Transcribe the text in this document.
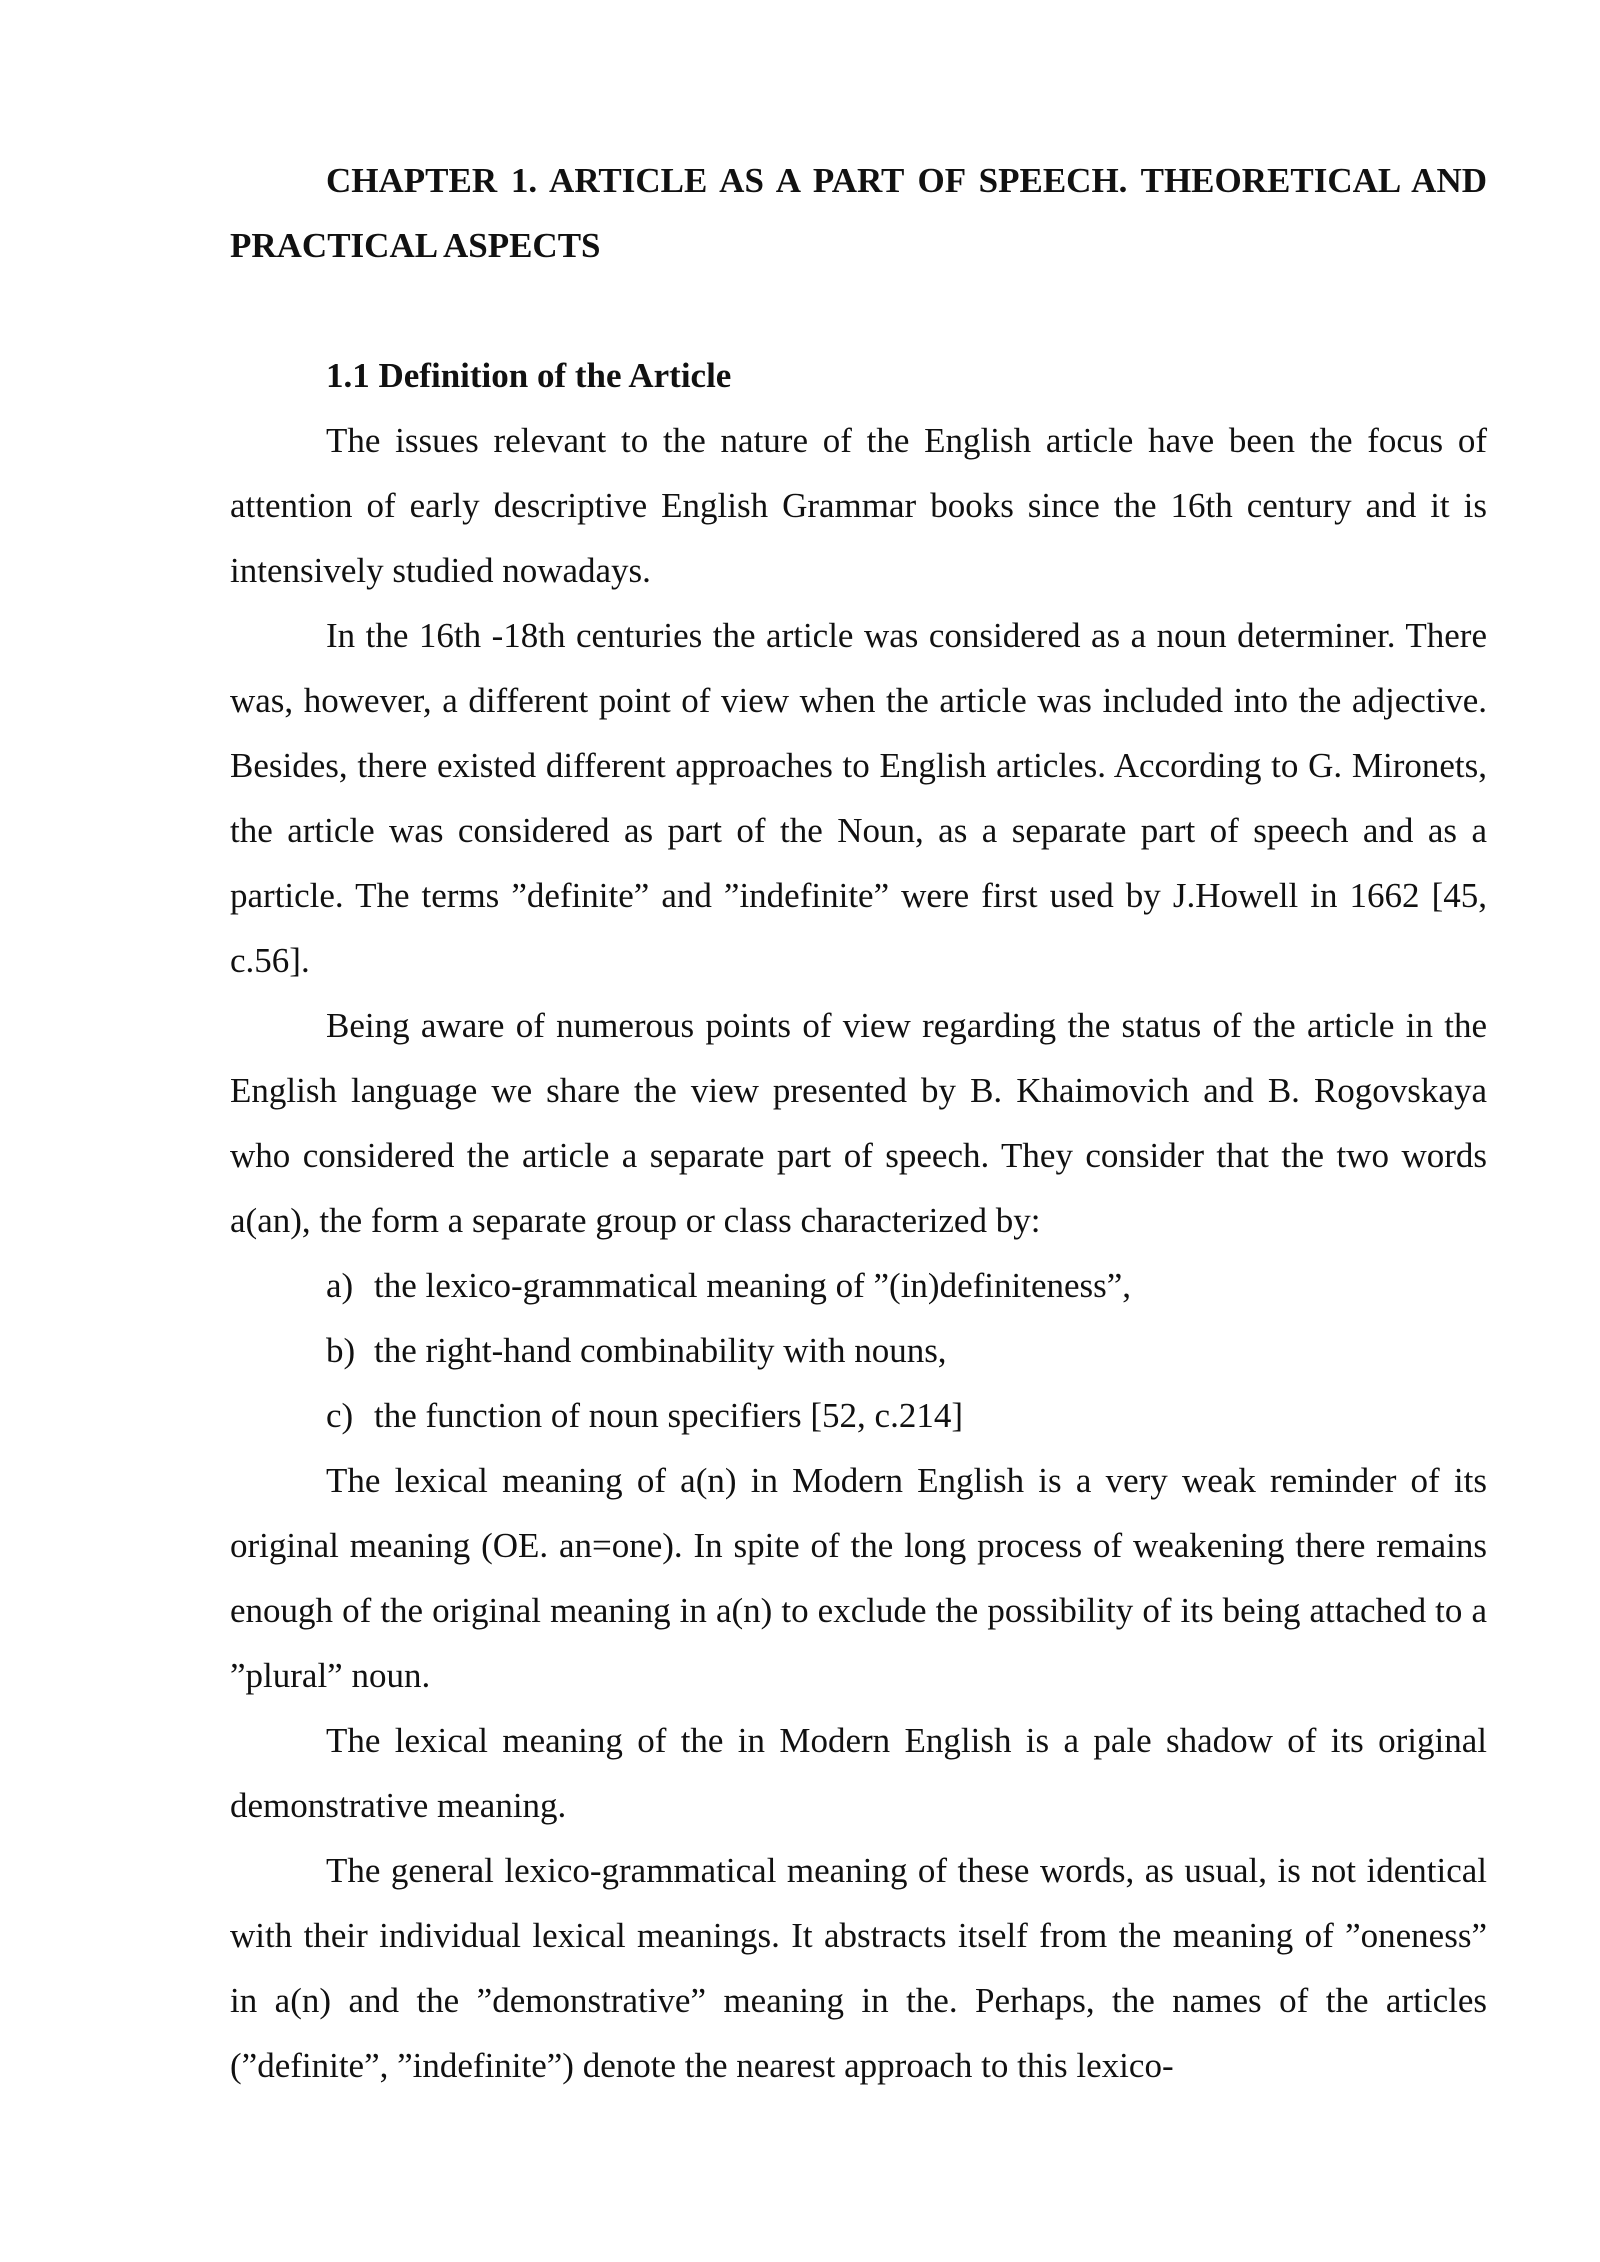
CHAPTER 1. ARTICLE AS A PART OF SPEECH. THEORETICAL AND PRACTICAL ASPECTS
1.1 Definition of the Article

The issues relevant to the nature of the English article have been the focus of attention of early descriptive English Grammar books since the 16th century and it is intensively studied nowadays.

In the 16th -18th centuries the article was considered as a noun determiner. There was, however, a different point of view when the article was included into the adjective. Besides, there existed different approaches to English articles. According to G. Mironets, the article was considered as part of the Noun, as a separate part of speech and as a particle. The terms ”definite” and ”indefinite” were first used by J.Howell in 1662 [45, c.56].

Being aware of numerous points of view regarding the status of the article in the English language we share the view presented by B. Khaimovich and B. Rogovskaya who considered the article a separate part of speech. They consider that the two words a(an), the form a separate group or class characterized by:

a) the lexico-grammatical meaning of ”(in)definiteness”,
b) the right-hand combinability with nouns,
c) the function of noun specifiers [52, c.214]

The lexical meaning of a(n) in Modern English is a very weak reminder of its original meaning (OE. an=one). In spite of the long process of weakening there remains enough of the original meaning in a(n) to exclude the possibility of its being attached to a ”plural” noun.

The lexical meaning of the in Modern English is a pale shadow of its original demonstrative meaning.

The general lexico-grammatical meaning of these words, as usual, is not identical with their individual lexical meanings. It abstracts itself from the meaning of ”oneness” in a(n) and the ”demonstrative” meaning in the. Perhaps, the names of the articles (”definite”, ”indefinite”) denote the nearest approach to this lexico-
